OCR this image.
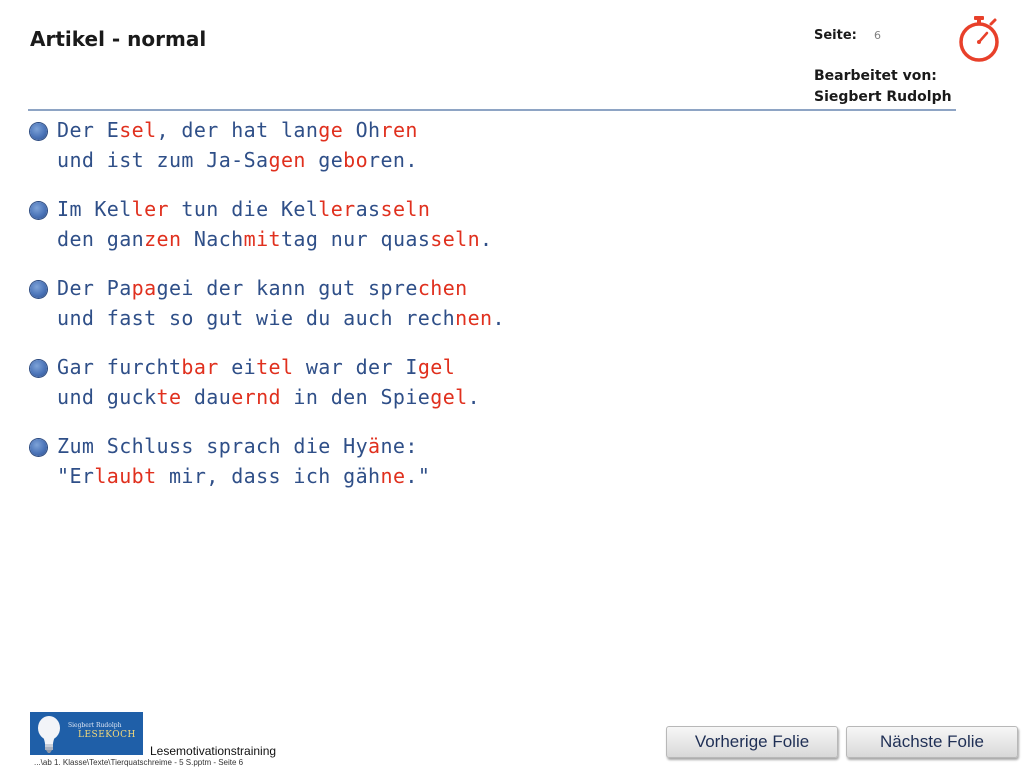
Artikel - normal	Seite: 6
Bearbeitet von:
Siegbert Rudolph
Der Esel, der hat lange Ohren
und ist zum Ja-Sagen geboren.
Im Keller tun die Kellerasseln
den ganzen Nachmittag nur quasseln.
Der Papagei der kann gut sprechen
und fast so gut wie du auch rechnen.
Gar furchtbar eitel war der Igel
und guckte dauernd in den Spiegel.
Zum Schluss sprach die Hyäne:
"Erlaubt mir, dass ich gähne."
Siegbert Rudolph
LESEKOCH
Lesemotivationstraining
...\ab 1. Klasse\Texte\Tierquatschreime - 5 S.pptm - Seite 6
Vorherige Folie	Nächste Folie
